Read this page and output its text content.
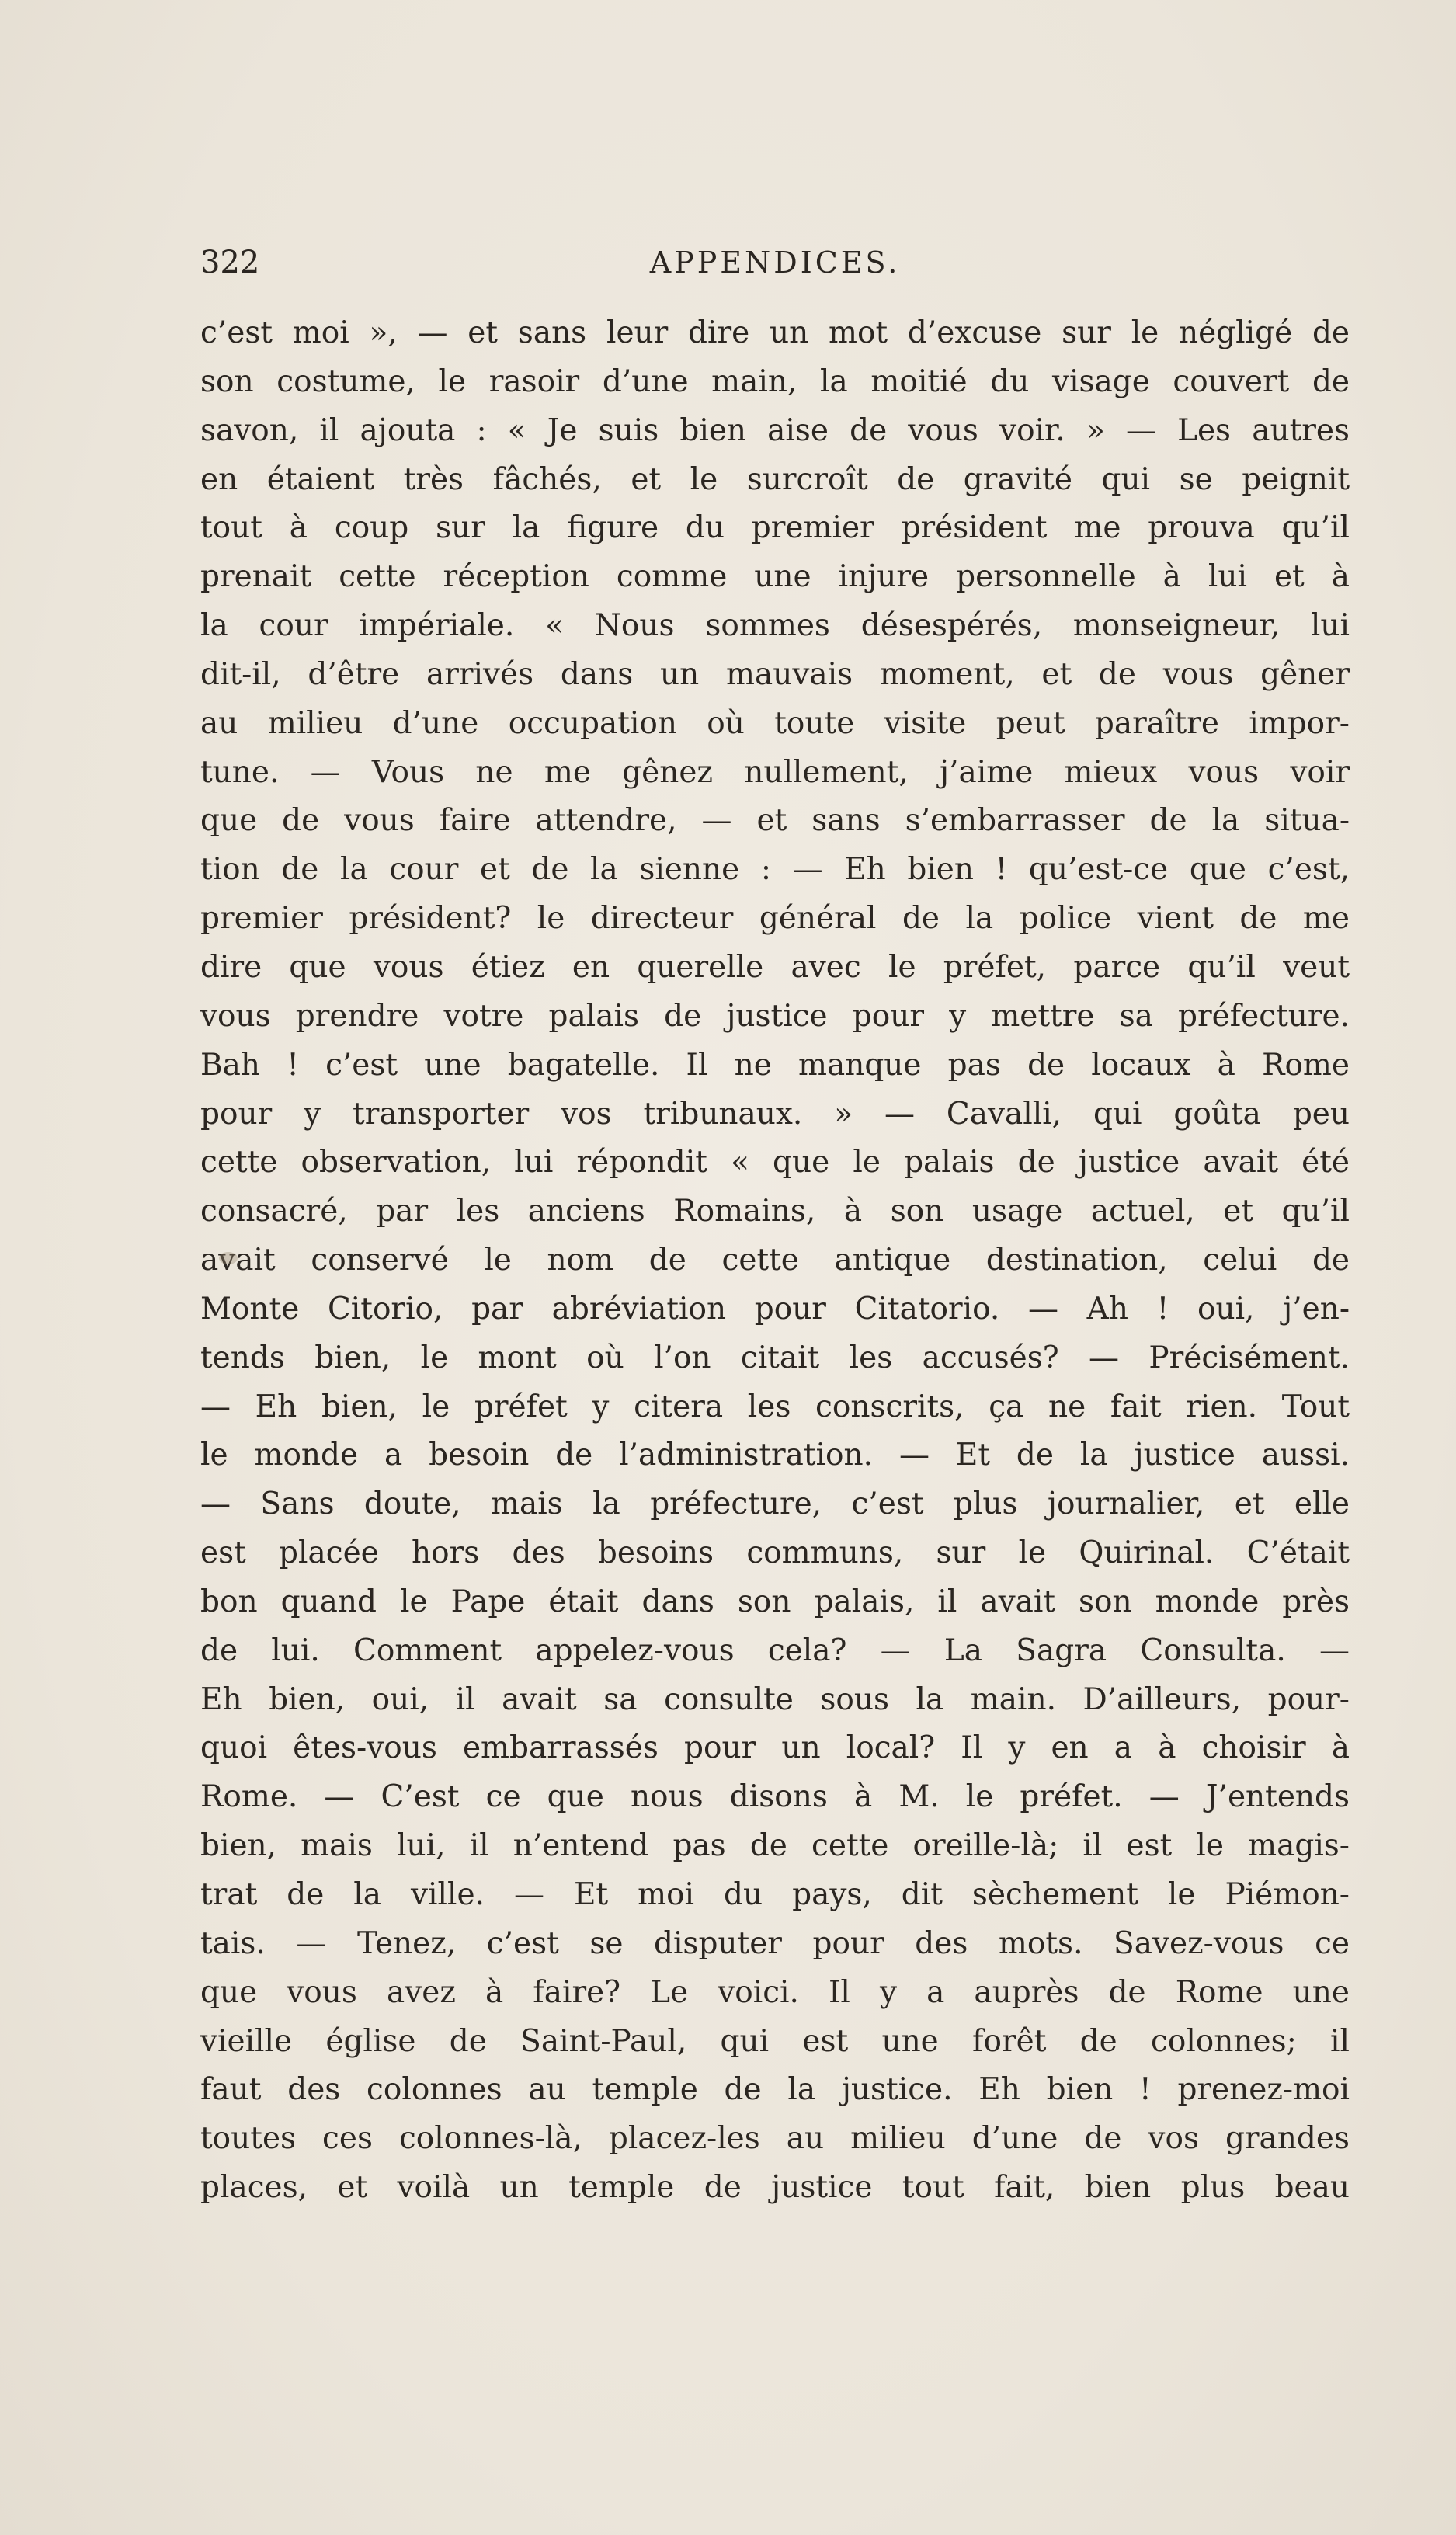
322	APPENDICES.
c’est moi », — et sans leur dire un mot d’excuse sur le négligé de
son costume, le rasoir d’une main, la moitié du visage couvert de
savon, il ajouta : « Je suis bien aise de vous voir. » — Les autres
en étaient très fâchés, et le surcroît de gravité qui se peignit
tout à coup sur la figure du premier président me prouva qu’il
prenait cette réception comme une injure personnelle à lui et à
la cour impériale. « Nous sommes désespérés, monseigneur, lui
dit-il, d’être arrivés dans un mauvais moment, et de vous gêner
au milieu d’une occupation où toute visite peut paraître impor-
tune. — Vous ne me gênez nullement, j’aime mieux vous voir
que de vous faire attendre, — et sans s’embarrasser de la situa-
tion de la cour et de la sienne : — Eh bien ! qu’est-ce que c’est,
premier président? le directeur général de la police vient de me
dire que vous étiez en querelle avec le préfet, parce qu’il veut
vous prendre votre palais de justice pour y mettre sa préfecture.
Bah ! c’est une bagatelle. Il ne manque pas de locaux à Rome
pour y transporter vos tribunaux. » — Cavalli, qui goûta peu
cette observation, lui répondit « que le palais de justice avait été
consacré, par les anciens Romains, à son usage actuel, et qu’il
avait conservé le nom de cette antique destination, celui de
Monte Citorio, par abréviation pour Citatorio. — Ah ! oui, j’en-
tends bien, le mont où l’on citait les accusés? — Précisément.
— Eh bien, le préfet y citera les conscrits, ça ne fait rien. Tout
le monde a besoin de l’administration. — Et de la justice aussi.
— Sans doute, mais la préfecture, c’est plus journalier, et elle
est placée hors des besoins communs, sur le Quirinal. C’était
bon quand le Pape était dans son palais, il avait son monde près
de lui. Comment appelez-vous cela? — La Sagra Consulta. —
Eh bien, oui, il avait sa consulte sous la main. D’ailleurs, pour-
quoi êtes-vous embarrassés pour un local? Il y en a à choisir à
Rome. — C’est ce que nous disons à M. le préfet. — J’entends
bien, mais lui, il n’entend pas de cette oreille-là; il est le magis-
trat de la ville. — Et moi du pays, dit sèchement le Piémon-
tais. — Tenez, c’est se disputer pour des mots. Savez-vous ce
que vous avez à faire? Le voici. Il y a auprès de Rome une
vieille église de Saint-Paul, qui est une forêt de colonnes; il
faut des colonnes au temple de la justice. Eh bien ! prenez-moi
toutes ces colonnes-là, placez-les au milieu d’une de vos grandes
places, et voilà un temple de justice tout fait, bien plus beau
